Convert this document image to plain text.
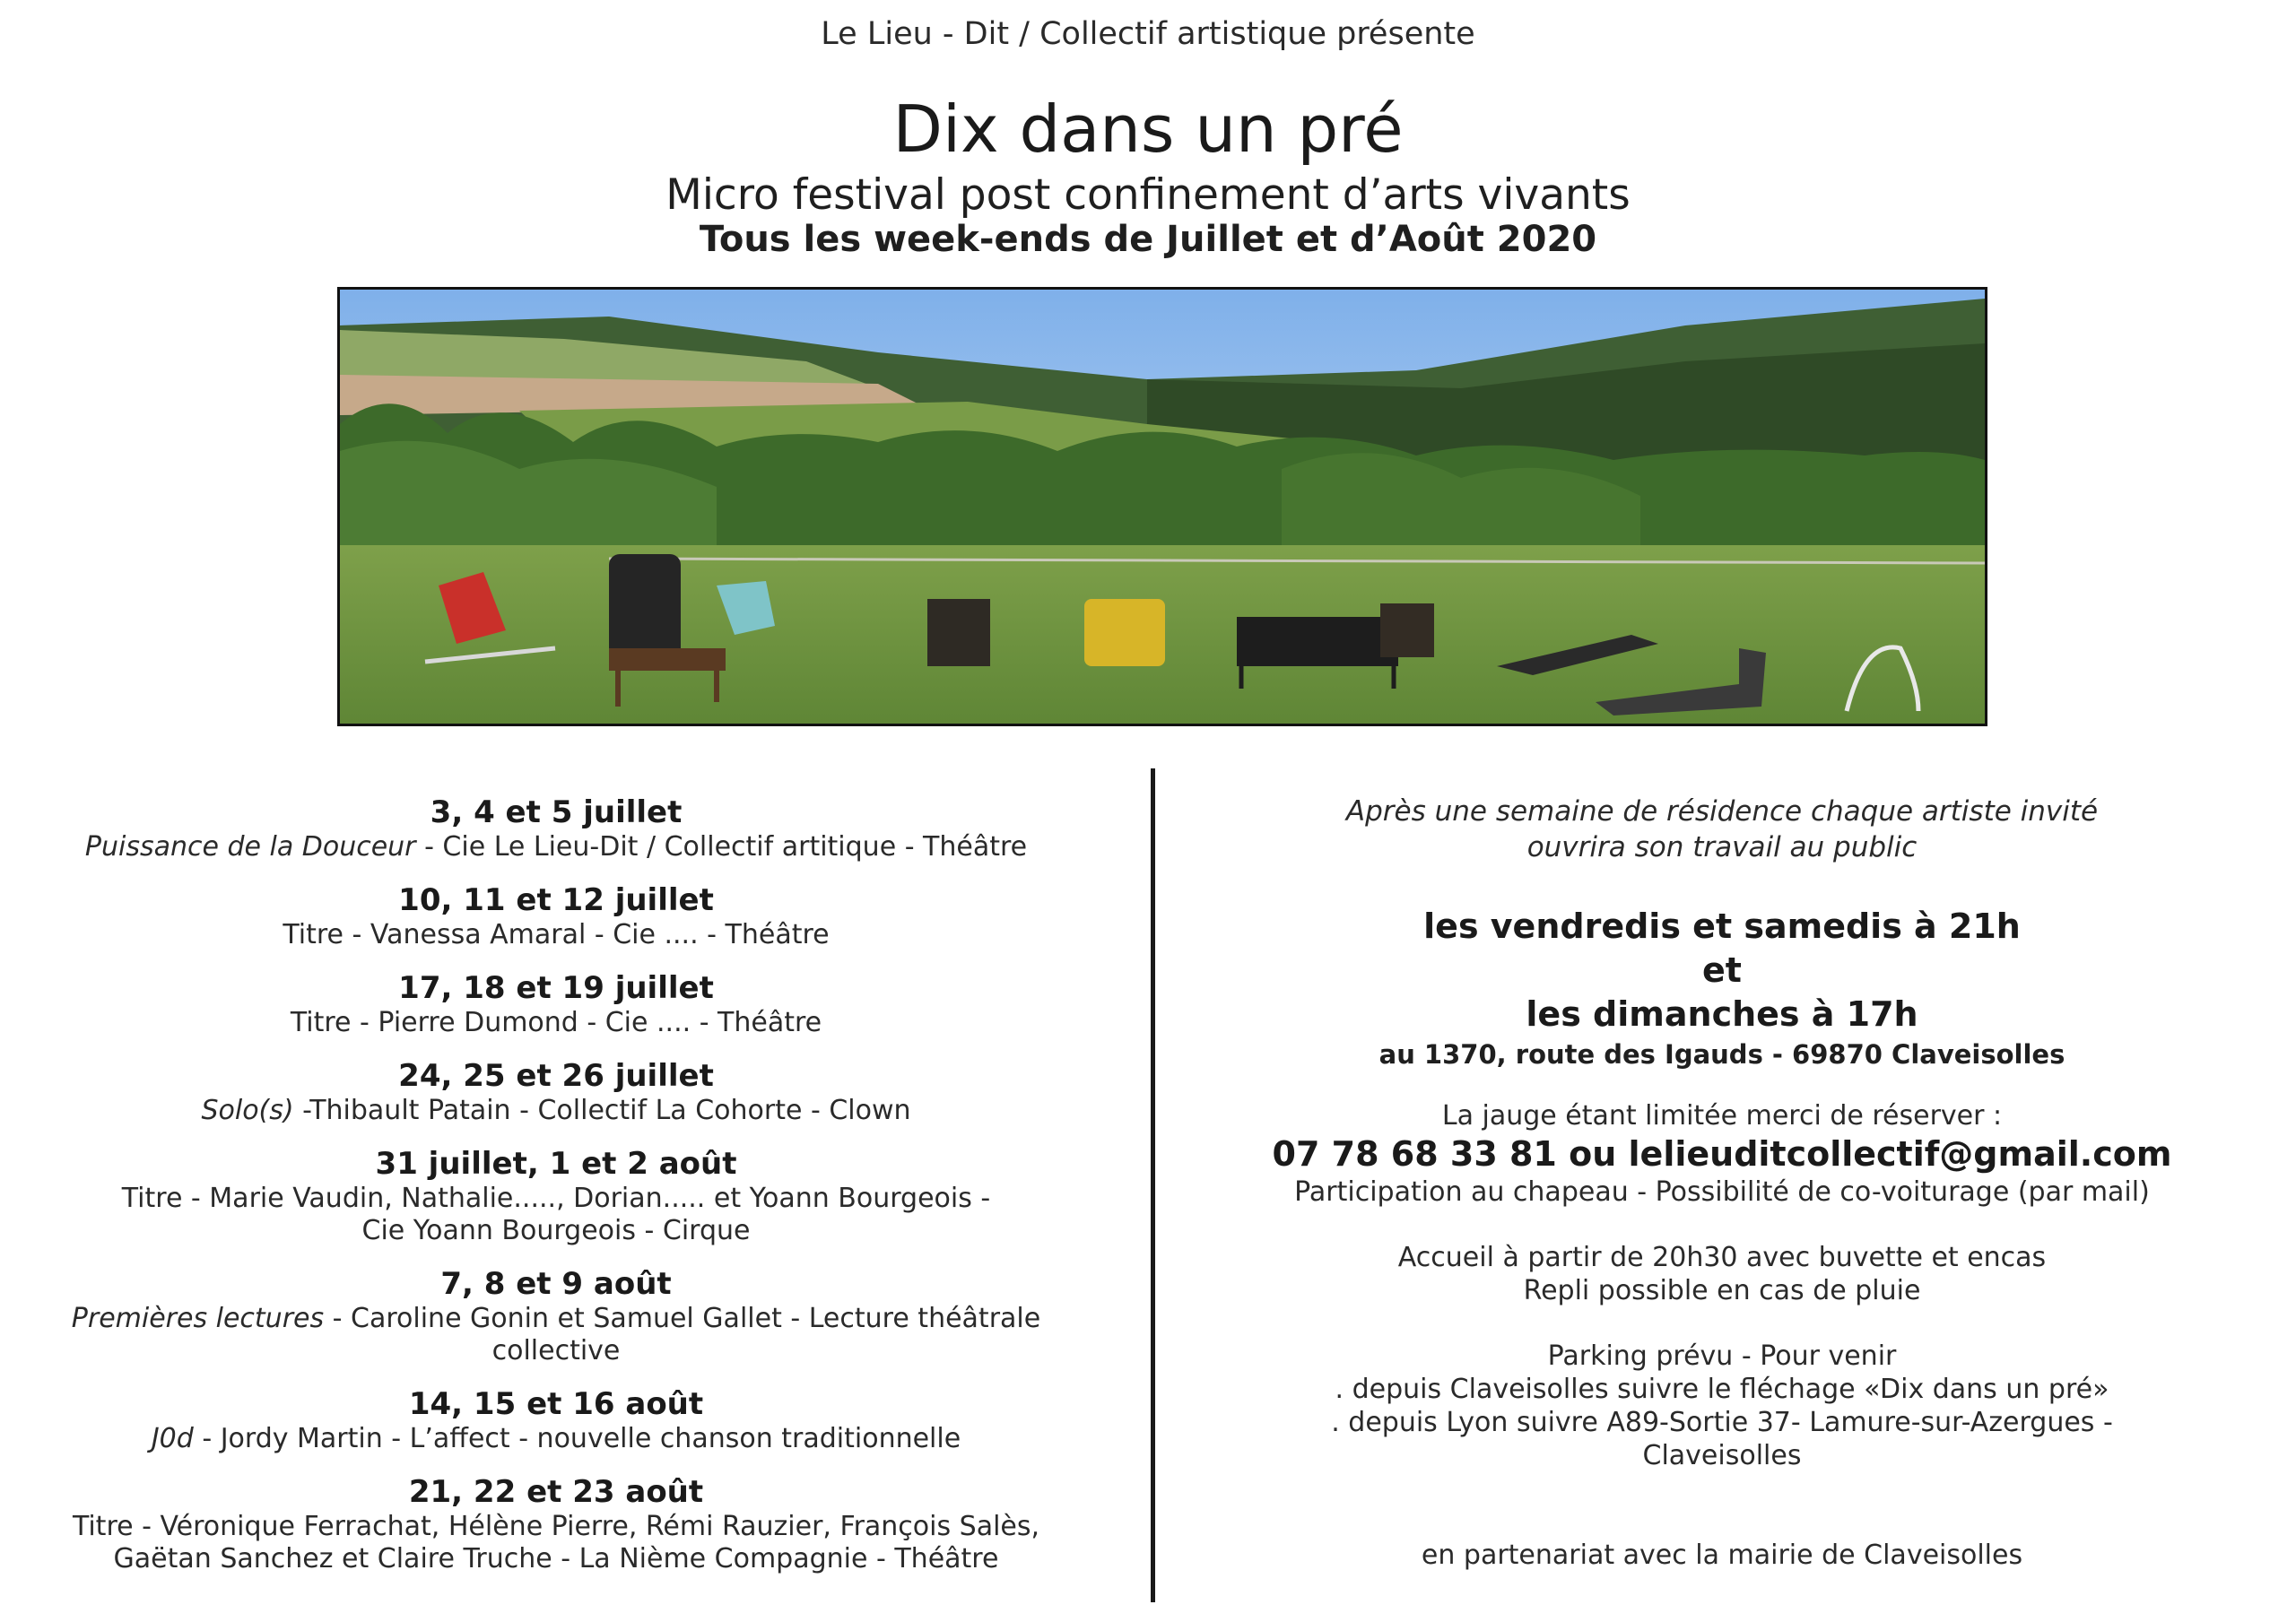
Le Lieu - Dit / Collectif artistique présente
Dix dans un pré
Micro festival post confinement d’arts vivants
Tous les week-ends de Juillet et d’Août 2020
3, 4 et 5 juillet
Puissance de la Douceur - Cie Le Lieu-Dit / Collectif artitique - Théâtre
10, 11 et 12 juillet
Titre - Vanessa Amaral - Cie .... - Théâtre
17, 18 et 19 juillet
Titre - Pierre Dumond - Cie .... - Théâtre
24, 25 et 26 juillet
Solo(s) -Thibault Patain - Collectif La Cohorte - Clown
31 juillet, 1 et 2 août
Titre - Marie Vaudin, Nathalie....., Dorian..... et Yoann Bourgeois -
Cie Yoann Bourgeois - Cirque
7, 8 et 9 août
Premières lectures - Caroline Gonin et Samuel Gallet - Lecture théâtrale collective
14, 15 et 16 août
J0d - Jordy Martin - L’affect - nouvelle chanson traditionnelle
21, 22 et 23 août
Titre - Véronique Ferrachat, Hélène Pierre, Rémi Rauzier, François Salès,
Gaëtan Sanchez et Claire Truche - La Nième Compagnie - Théâtre
Après une semaine de résidence chaque artiste invité
ouvrira son travail au public
les vendredis et samedis à 21h
et
les dimanches à 17h
au 1370, route des Igauds - 69870 Claveisolles
La jauge étant limitée merci de réserver :
07 78 68 33 81 ou lelieuditcollectif@gmail.com
Participation au chapeau - Possibilité de co-voiturage (par mail)
Accueil à partir de 20h30 avec buvette et encas
Repli possible en cas de pluie
Parking prévu - Pour venir
. depuis Claveisolles suivre le fléchage «Dix dans un pré»
. depuis Lyon suivre A89-Sortie 37- Lamure-sur-Azergues - Claveisolles
en partenariat avec la mairie de Claveisolles
